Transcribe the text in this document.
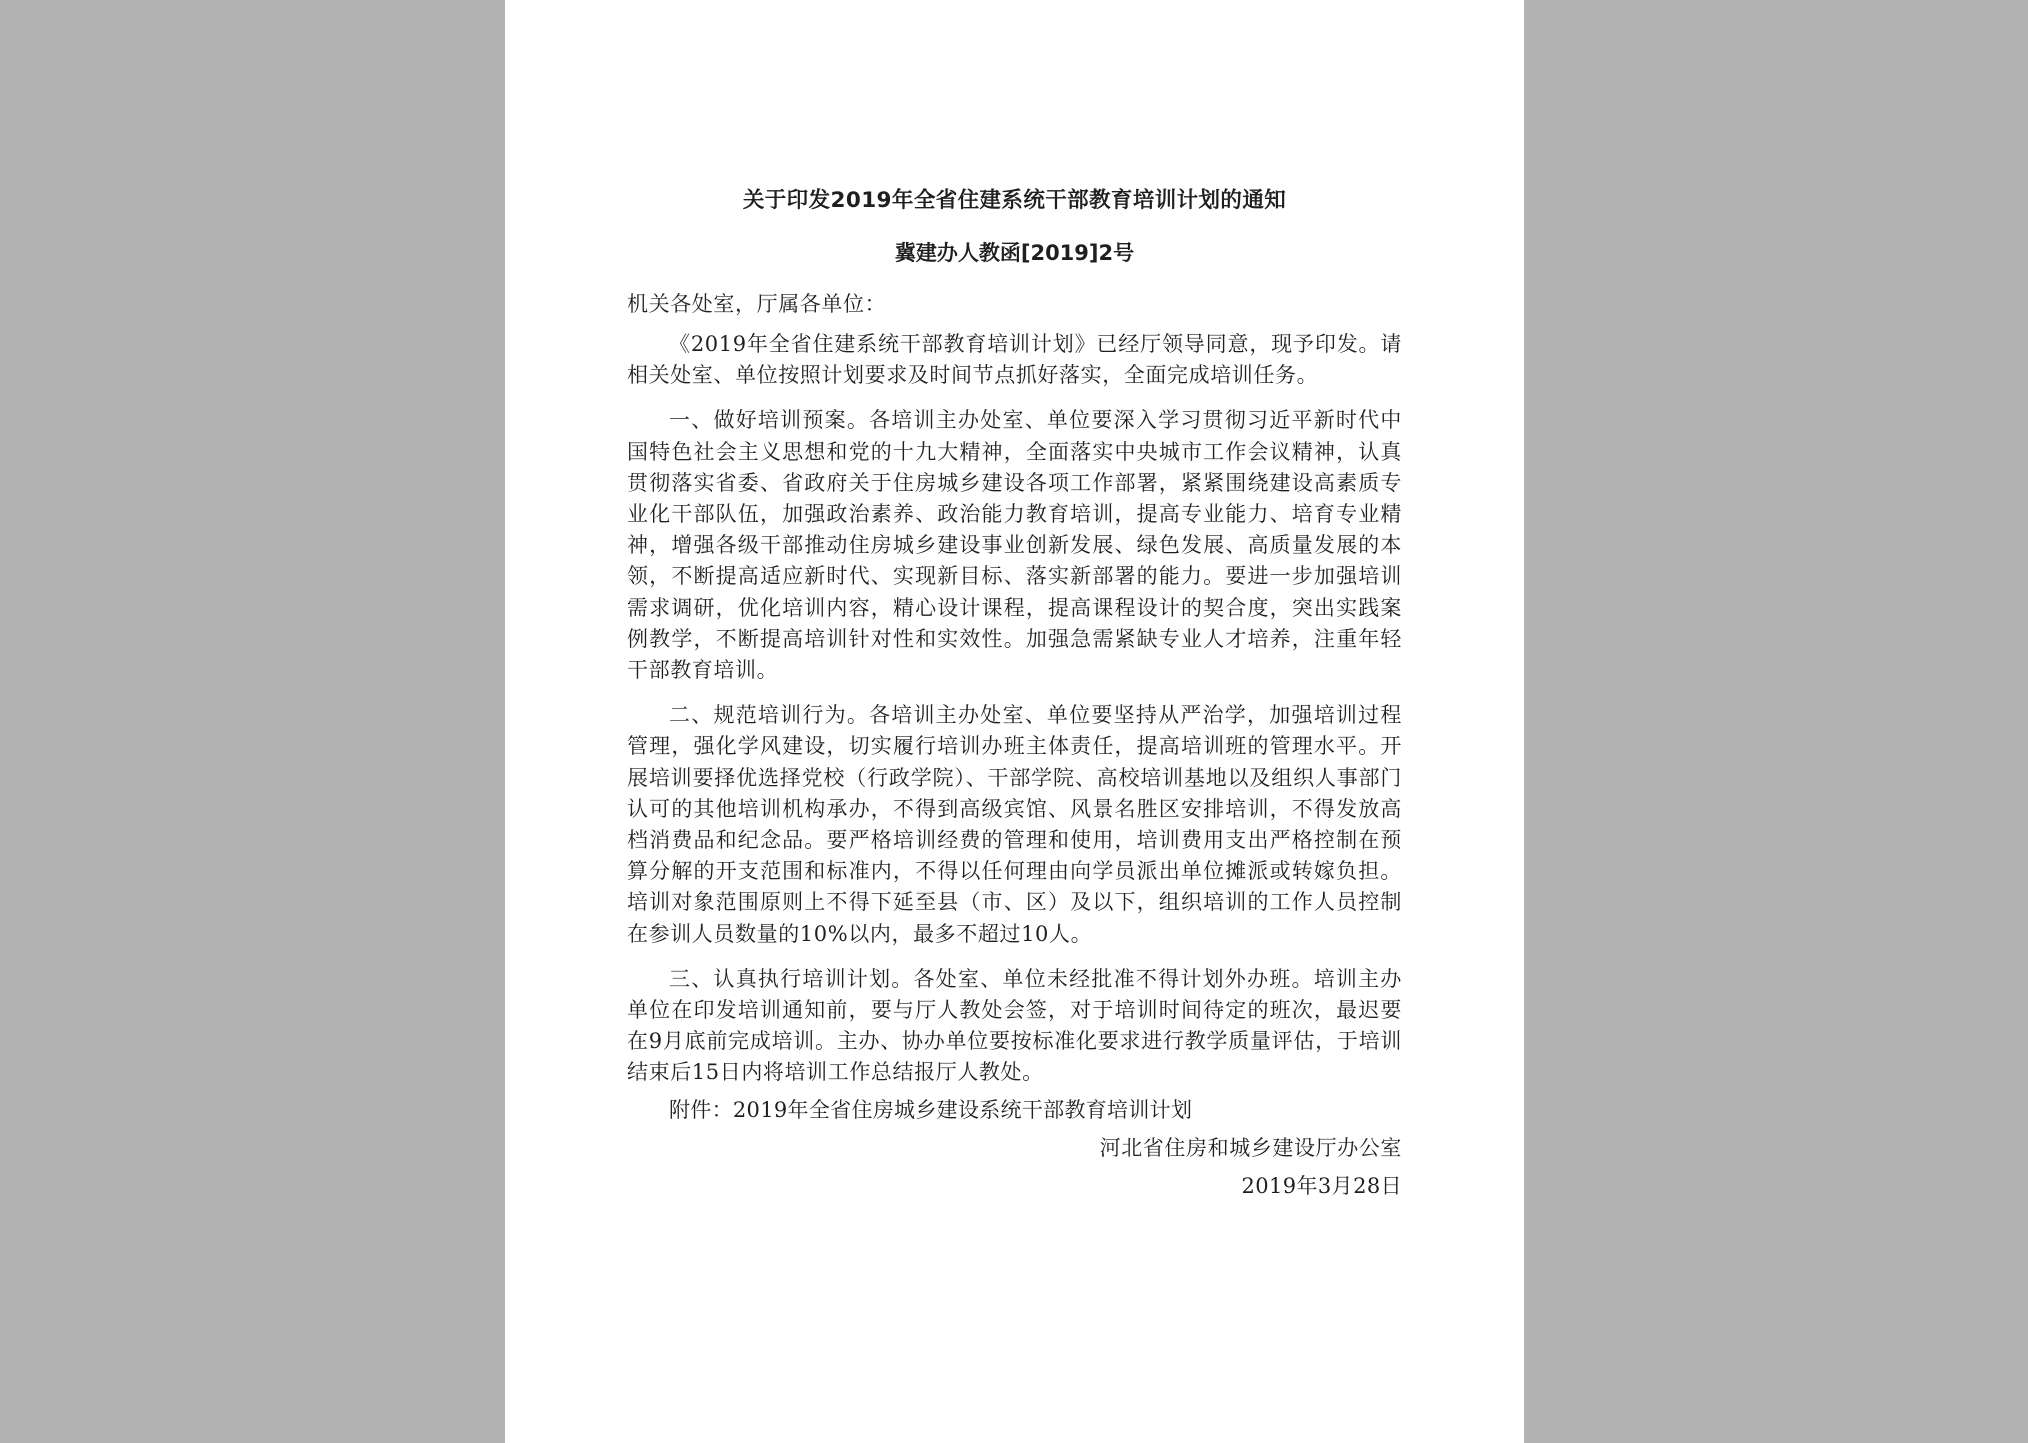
关于印发2019年全省住建系统干部教育培训计划的通知
冀建办人教函[2019]2号
机关各处室，厅属各单位：

《2019年全省住建系统干部教育培训计划》已经厅领导同意，现予印发。请相关处室、单位按照计划要求及时间节点抓好落实，全面完成培训任务。

一、做好培训预案。各培训主办处室、单位要深入学习贯彻习近平新时代中国特色社会主义思想和党的十九大精神，全面落实中央城市工作会议精神，认真贯彻落实省委、省政府关于住房城乡建设各项工作部署，紧紧围绕建设高素质专业化干部队伍，加强政治素养、政治能力教育培训，提高专业能力、培育专业精神，增强各级干部推动住房城乡建设事业创新发展、绿色发展、高质量发展的本领，不断提高适应新时代、实现新目标、落实新部署的能力。要进一步加强培训需求调研，优化培训内容，精心设计课程，提高课程设计的契合度，突出实践案例教学，不断提高培训针对性和实效性。加强急需紧缺专业人才培养，注重年轻干部教育培训。

二、规范培训行为。各培训主办处室、单位要坚持从严治学，加强培训过程管理，强化学风建设，切实履行培训办班主体责任，提高培训班的管理水平。开展培训要择优选择党校（行政学院）、干部学院、高校培训基地以及组织人事部门认可的其他培训机构承办，不得到高级宾馆、风景名胜区安排培训，不得发放高档消费品和纪念品。要严格培训经费的管理和使用，培训费用支出严格控制在预算分解的开支范围和标准内，不得以任何理由向学员派出单位摊派或转嫁负担。培训对象范围原则上不得下延至县（市、区）及以下，组织培训的工作人员控制在参训人员数量的10%以内，最多不超过10人。

三、认真执行培训计划。各处室、单位未经批准不得计划外办班。培训主办单位在印发培训通知前，要与厅人教处会签，对于培训时间待定的班次，最迟要在9月底前完成培训。主办、协办单位要按标准化要求进行教学质量评估，于培训结束后15日内将培训工作总结报厅人教处。

附件：2019年全省住房城乡建设系统干部教育培训计划

河北省住房和城乡建设厅办公室
2019年3月28日
